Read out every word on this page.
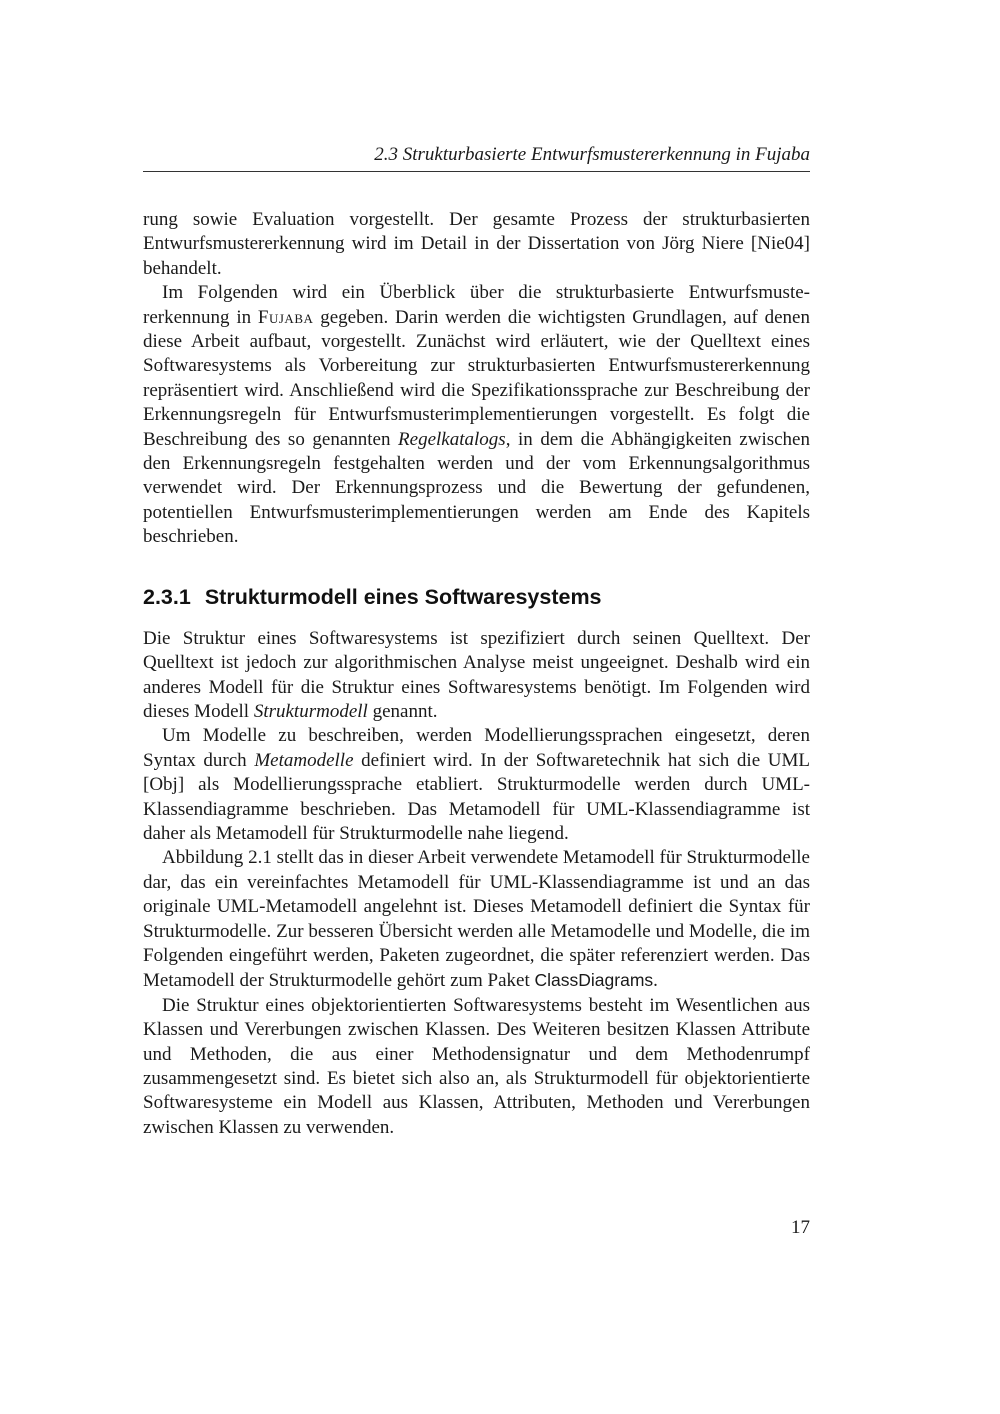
2.3 Strukturbasierte Entwurfsmustererkennung in Fujaba

rung sowie Evaluation vorgestellt. Der gesamte Prozess der strukturbasierten Entwurfsmustererkennung wird im Detail in der Dissertation von Jörg Niere [Nie04] behandelt.

Im Folgenden wird ein Überblick über die strukturbasierte Entwurfsmustererkennung in Fujaba gegeben. Darin werden die wichtigsten Grundlagen, auf denen diese Arbeit aufbaut, vorgestellt. Zunächst wird erläutert, wie der Quelltext eines Softwaresystems als Vorbereitung zur strukturbasierten Entwurfsmustererkennung repräsentiert wird. Anschließend wird die Spezifikationssprache zur Beschreibung der Erkennungsregeln für Entwurfsmusterimplementierungen vorgestellt. Es folgt die Beschreibung des so genannten Regelkatalogs, in dem die Abhängigkeiten zwischen den Erkennungsregeln festgehalten werden und der vom Erkennungsalgorithmus verwendet wird. Der Erkennungsprozess und die Bewertung der gefundenen, potentiellen Entwurfsmusterimplementierungen werden am Ende des Kapitels beschrieben.

2.3.1 Strukturmodell eines Softwaresystems

Die Struktur eines Softwaresystems ist spezifiziert durch seinen Quelltext. Der Quelltext ist jedoch zur algorithmischen Analyse meist ungeeignet. Deshalb wird ein anderes Modell für die Struktur eines Softwaresystems benötigt. Im Folgenden wird dieses Modell Strukturmodell genannt.

Um Modelle zu beschreiben, werden Modellierungssprachen eingesetzt, deren Syntax durch Metamodelle definiert wird. In der Softwaretechnik hat sich die UML [Obj] als Modellierungssprache etabliert. Strukturmodelle werden durch UML-Klassendiagramme beschrieben. Das Metamodell für UML-Klassendiagramme ist daher als Metamodell für Strukturmodelle nahe liegend.

Abbildung 2.1 stellt das in dieser Arbeit verwendete Metamodell für Strukturmodelle dar, das ein vereinfachtes Metamodell für UML-Klassendiagramme ist und an das originale UML-Metamodell angelehnt ist. Dieses Metamodell definiert die Syntax für Strukturmodelle. Zur besseren Übersicht werden alle Metamodelle und Modelle, die im Folgenden eingeführt werden, Paketen zugeordnet, die später referenziert werden. Das Metamodell der Strukturmodelle gehört zum Paket ClassDiagrams.

Die Struktur eines objektorientierten Softwaresystems besteht im Wesentlichen aus Klassen und Vererbungen zwischen Klassen. Des Weiteren besitzen Klassen Attribute und Methoden, die aus einer Methodensignatur und dem Methodenrumpf zusammengesetzt sind. Es bietet sich also an, als Strukturmodell für objektorientierte Softwaresysteme ein Modell aus Klassen, Attributen, Methoden und Vererbungen zwischen Klassen zu verwenden.

17
